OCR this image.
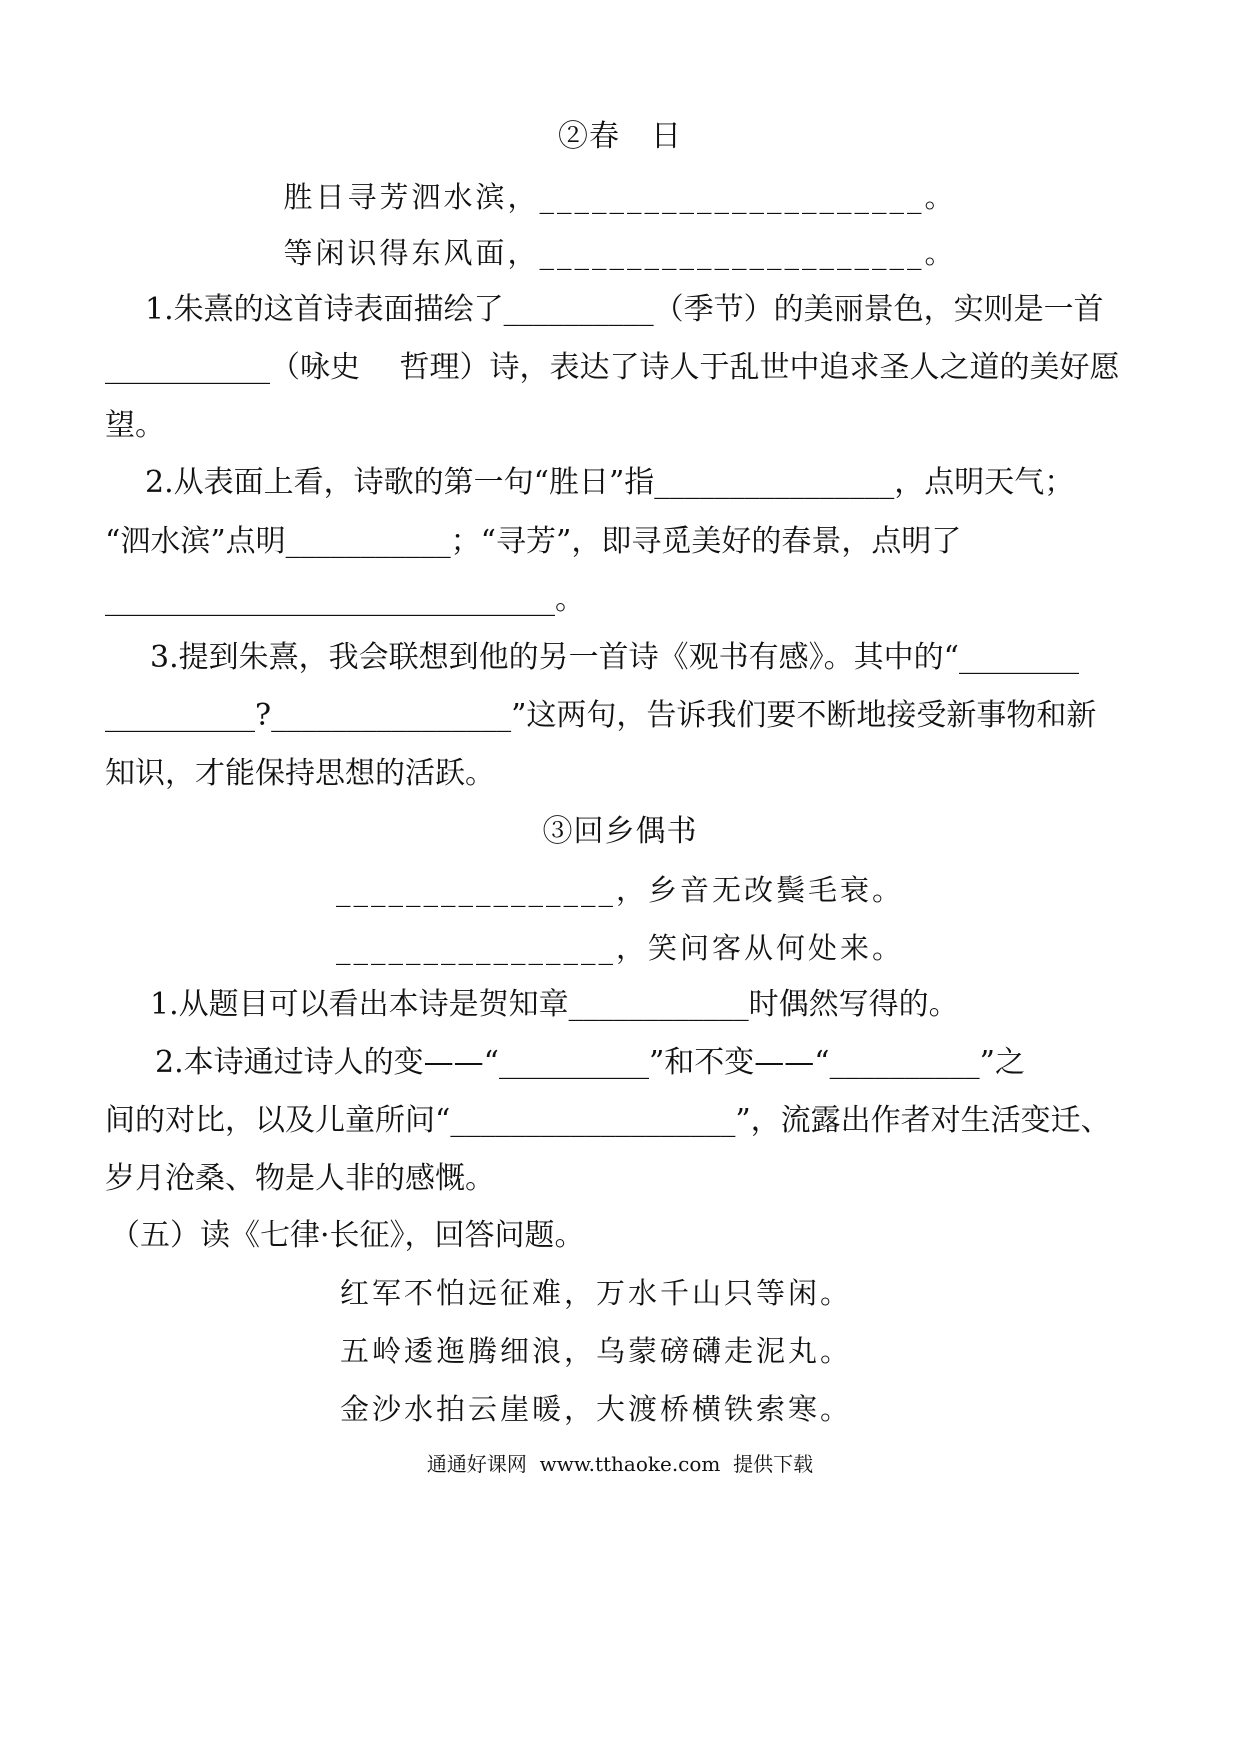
②春　日
胜日寻芳泗水滨，______________________。
等闲识得东风面，______________________。
1.朱熹的这首诗表面描绘了__________（季节）的美丽景色，实则是一首
___________（咏史　 哲理）诗，表达了诗人于乱世中追求圣人之道的美好愿
望。
2.从表面上看，诗歌的第一句“胜日”指________________，点明天气；
“泗水滨”点明___________；“寻芳”，即寻觅美好的春景，点明了
______________________________。
3.提到朱熹，我会联想到他的另一首诗《观书有感》。其中的“________
__________?________________”这两句，告诉我们要不断地接受新事物和新
知识，才能保持思想的活跃。
③回乡偶书
________________，乡音无改鬓毛衰。
________________，笑问客从何处来。
1.从题目可以看出本诗是贺知章____________时偶然写得的。
2.本诗通过诗人的变——“__________”和不变——“__________”之
间的对比，以及儿童所问“___________________”，流露出作者对生活变迁、
岁月沧桑、物是人非的感慨。
（五）读《七律·长征》，回答问题。
红军不怕远征难，万水千山只等闲。
五岭逶迤腾细浪，乌蒙磅礴走泥丸。
金沙水拍云崖暖，大渡桥横铁索寒。
通通好课网  www.tthaoke.com  提供下载
